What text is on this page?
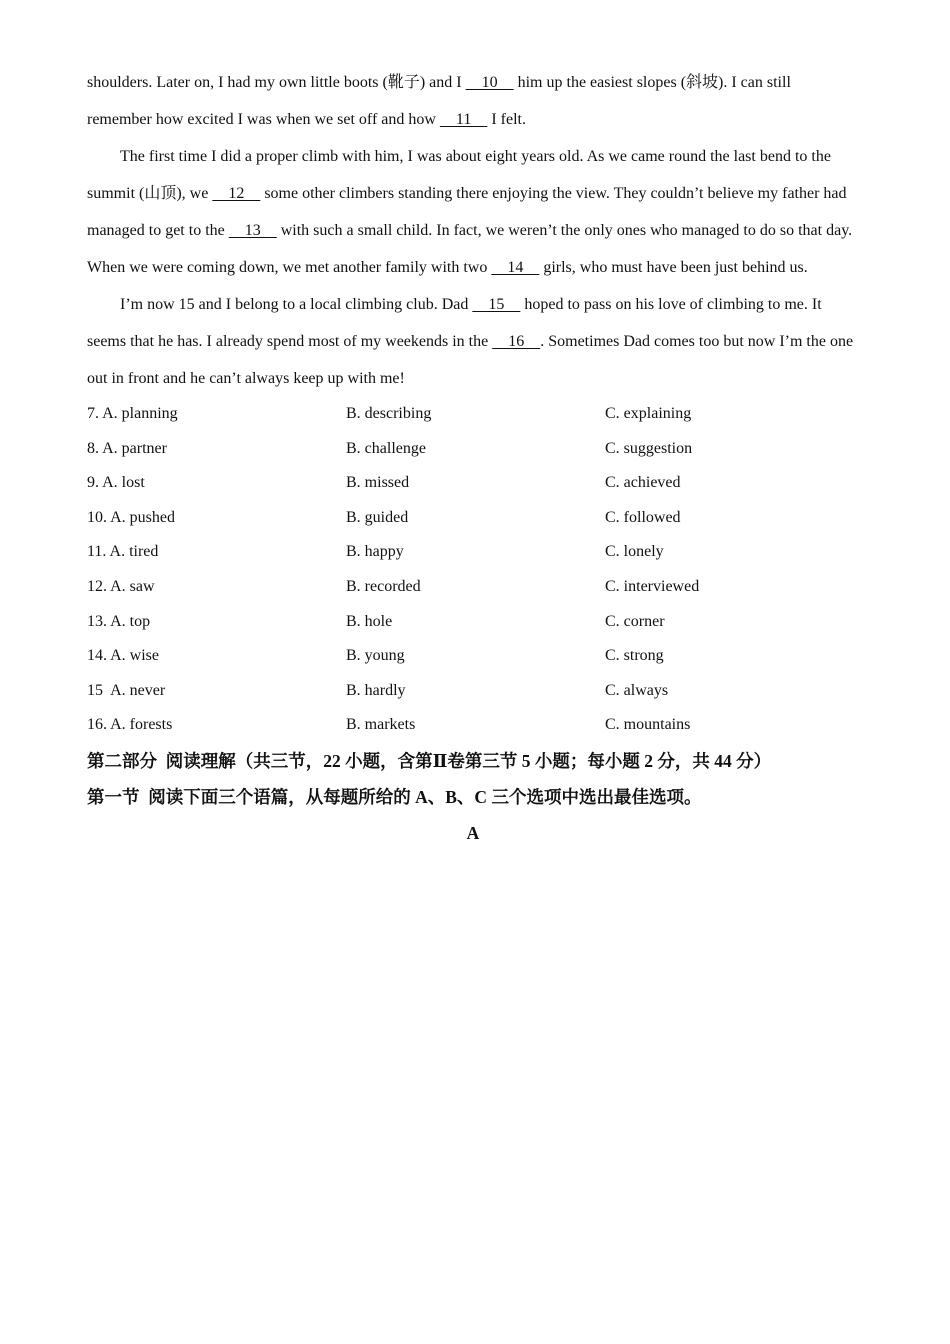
shoulders. Later on, I had my own little boots (靴子) and I     10     him up the easiest slopes (斜坡). I can still remember how excited I was when we set off and how     11     I felt.

The first time I did a proper climb with him, I was about eight years old. As we came round the last bend to the summit (山顶), we     12     some other climbers standing there enjoying the view. They couldn’t believe my father had managed to get to the     13     with such a small child. In fact, we weren’t the only ones who managed to do so that day. When we were coming down, we met another family with two     14     girls, who must have been just behind us.

I’m now 15 and I belong to a local climbing club. Dad     15     hoped to pass on his love of climbing to me. It seems that he has. I already spend most of my weekends in the     16    . Sometimes Dad comes too but now I’m the one out in front and he can’t always keep up with me!

7. A. planning	B. describing	C. explaining
8. A. partner	B. challenge	C. suggestion
9. A. lost	B. missed	C. achieved
10. A. pushed	B. guided	C. followed
11. A. tired	B. happy	C. lonely
12. A. saw	B. recorded	C. interviewed
13. A. top	B. hole	C. corner
14. A. wise	B. young	C. strong
15  A. never	B. hardly	C. always
16. A. forests	B. markets	C. mountains

第二部分  阅读理解（共三节，22 小题，含第Ⅱ卷第三节 5 小题；每小题 2 分，共 44 分）

第一节  阅读下面三个语篇，从每题所给的 A、B、C 三个选项中选出最佳选项。

A
